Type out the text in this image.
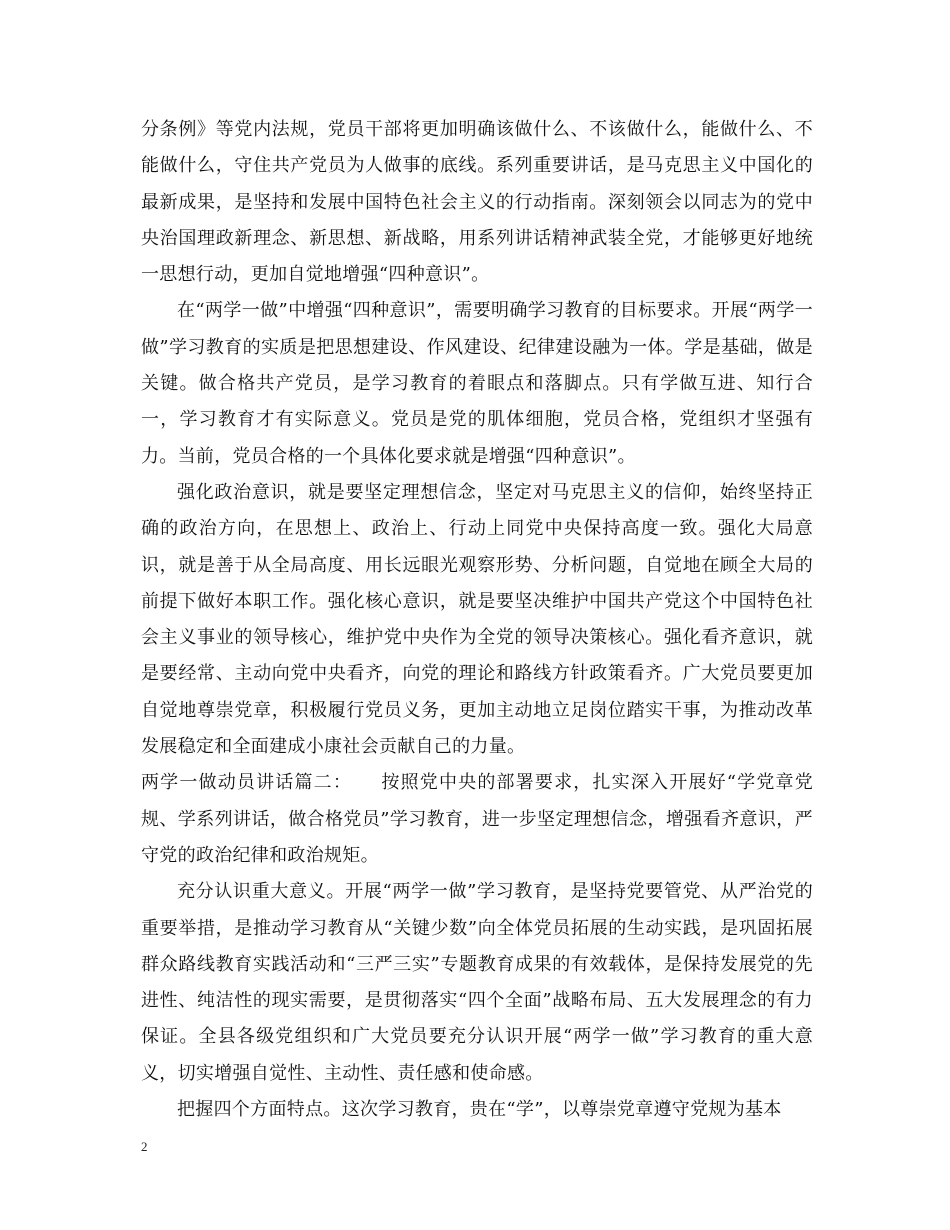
分条例》等党内法规，党员干部将更加明确该做什么、不该做什么，能做什么、不能做什么，守住共产党员为人做事的底线。系列重要讲话，是马克思主义中国化的最新成果，是坚持和发展中国特色社会主义的行动指南。深刻领会以同志为的党中央治国理政新理念、新思想、新战略，用系列讲话精神武装全党，才能够更好地统一思想行动，更加自觉地增强“四种意识”。

在“两学一做”中增强“四种意识”，需要明确学习教育的目标要求。开展“两学一做”学习教育的实质是把思想建设、作风建设、纪律建设融为一体。学是基础，做是关键。做合格共产党员，是学习教育的着眼点和落脚点。只有学做互进、知行合一，学习教育才有实际意义。党员是党的肌体细胞，党员合格，党组织才坚强有力。当前，党员合格的一个具体化要求就是增强“四种意识”。

强化政治意识，就是要坚定理想信念，坚定对马克思主义的信仰，始终坚持正确的政治方向，在思想上、政治上、行动上同党中央保持高度一致。强化大局意识，就是善于从全局高度、用长远眼光观察形势、分析问题，自觉地在顾全大局的前提下做好本职工作。强化核心意识，就是要坚决维护中国共产党这个中国特色社会主义事业的领导核心，维护党中央作为全党的领导决策核心。强化看齐意识，就是要经常、主动向党中央看齐，向党的理论和路线方针政策看齐。广大党员要更加自觉地尊崇党章，积极履行党员义务，更加主动地立足岗位踏实干事，为推动改革发展稳定和全面建成小康社会贡献自己的力量。

两学一做动员讲话篇二：　　按照党中央的部署要求，扎实深入开展好“学党章党规、学系列讲话，做合格党员”学习教育，进一步坚定理想信念，增强看齐意识，严守党的政治纪律和政治规矩。

充分认识重大意义。开展“两学一做”学习教育，是坚持党要管党、从严治党的重要举措，是推动学习教育从“关键少数”向全体党员拓展的生动实践，是巩固拓展群众路线教育实践活动和“三严三实”专题教育成果的有效载体，是保持发展党的先进性、纯洁性的现实需要，是贯彻落实“四个全面”战略布局、五大发展理念的有力保证。全县各级党组织和广大党员要充分认识开展“两学一做”学习教育的重大意义，切实增强自觉性、主动性、责任感和使命感。

把握四个方面特点。这次学习教育，贵在“学”，以尊崇党章遵守党规为基本

2
